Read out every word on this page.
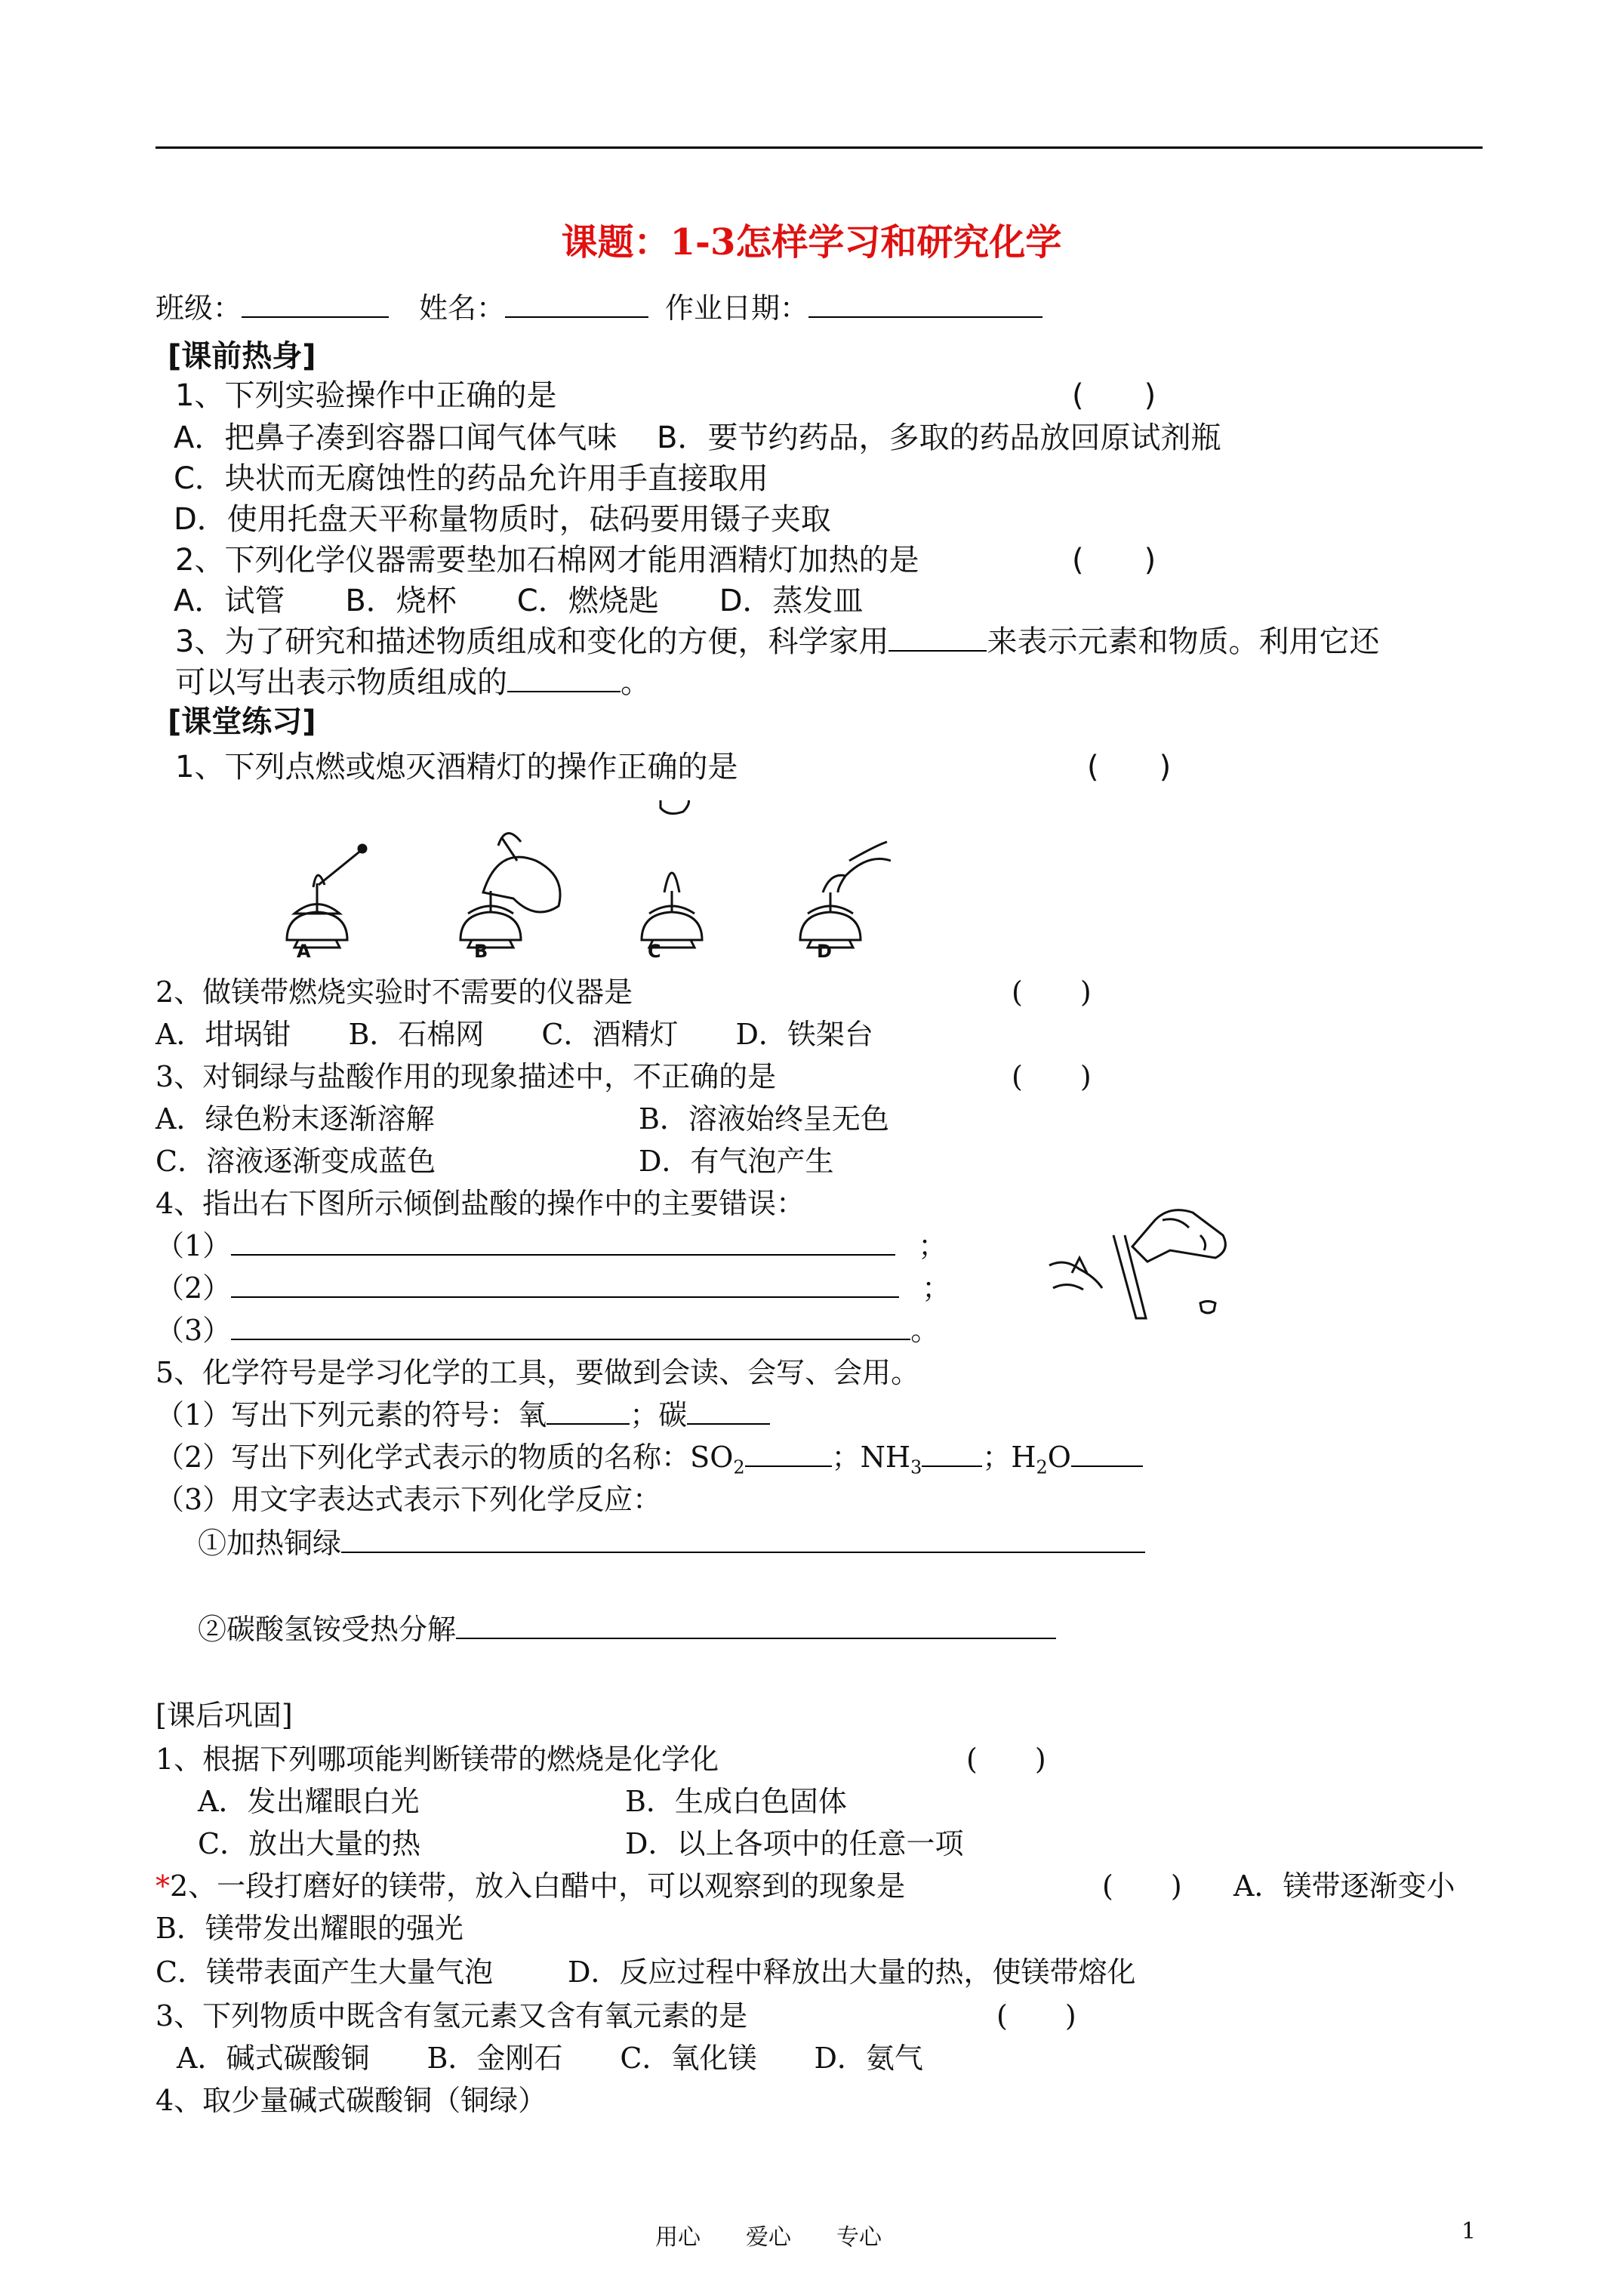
课题：1-3怎样学习和研究化学
班级：	姓名：	作业日期：
[课前热身]
1、下列实验操作中正确的是	(　　)
A．把鼻子凑到容器口闻气体气味 B．要节约药品，多取的药品放回原试剂瓶
C．块状而无腐蚀性的药品允许用手直接取用
D．使用托盘天平称量物质时，砝码要用镊子夹取
2、下列化学仪器需要垫加石棉网才能用酒精灯加热的是	(　　)
A．试管　　B．烧杯　　C．燃烧匙　　D．蒸发皿
3、为了研究和描述物质组成和变化的方便，科学家用	来表示元素和物质。利用它还
可以写出表示物质组成的	。
[课堂练习]
1、下列点燃或熄灭酒精灯的操作正确的是	(　　)
A	B	C	D
2、做镁带燃烧实验时不需要的仪器是	(　　)
A．坩埚钳　　B．石棉网　　C．酒精灯　　D．铁架台
3、对铜绿与盐酸作用的现象描述中，不正确的是	(　　)
A．绿色粉末逐渐溶解	B．溶液始终呈无色
C．溶液逐渐变成蓝色	D．有气泡产生
4、指出右下图所示倾倒盐酸的操作中的主要错误：
（1）	；
（2）	；
（3）	。
5、化学符号是学习化学的工具，要做到会读、会写、会用。
（1）写出下列元素的符号：氧	；碳
（2）写出下列化学式表示的物质的名称：$SO_2$	；$NH_3$ ；$H_2O$
（3）用文字表达式表示下列化学反应：
①加热铜绿
②碳酸氢铵受热分解
[课后巩固]
1、根据下列哪项能判断镁带的燃烧是化学化	(　　)
A．发出耀眼白光	B．生成白色固体
C．放出大量的热	D．以上各项中的任意一项
*2、一段打磨好的镁带，放入白醋中，可以观察到的现象是	(　　) A．镁带逐渐变小
B．镁带发出耀眼的强光
C．镁带表面产生大量气泡	D．反应过程中释放出大量的热，使镁带熔化
3、下列物质中既含有氢元素又含有氧元素的是	(　　)
A．碱式碳酸铜　　B．金刚石　　C．氧化镁　　D．氨气
4、取少量碱式碳酸铜（铜绿）
用心　　爱心　　专心	1
